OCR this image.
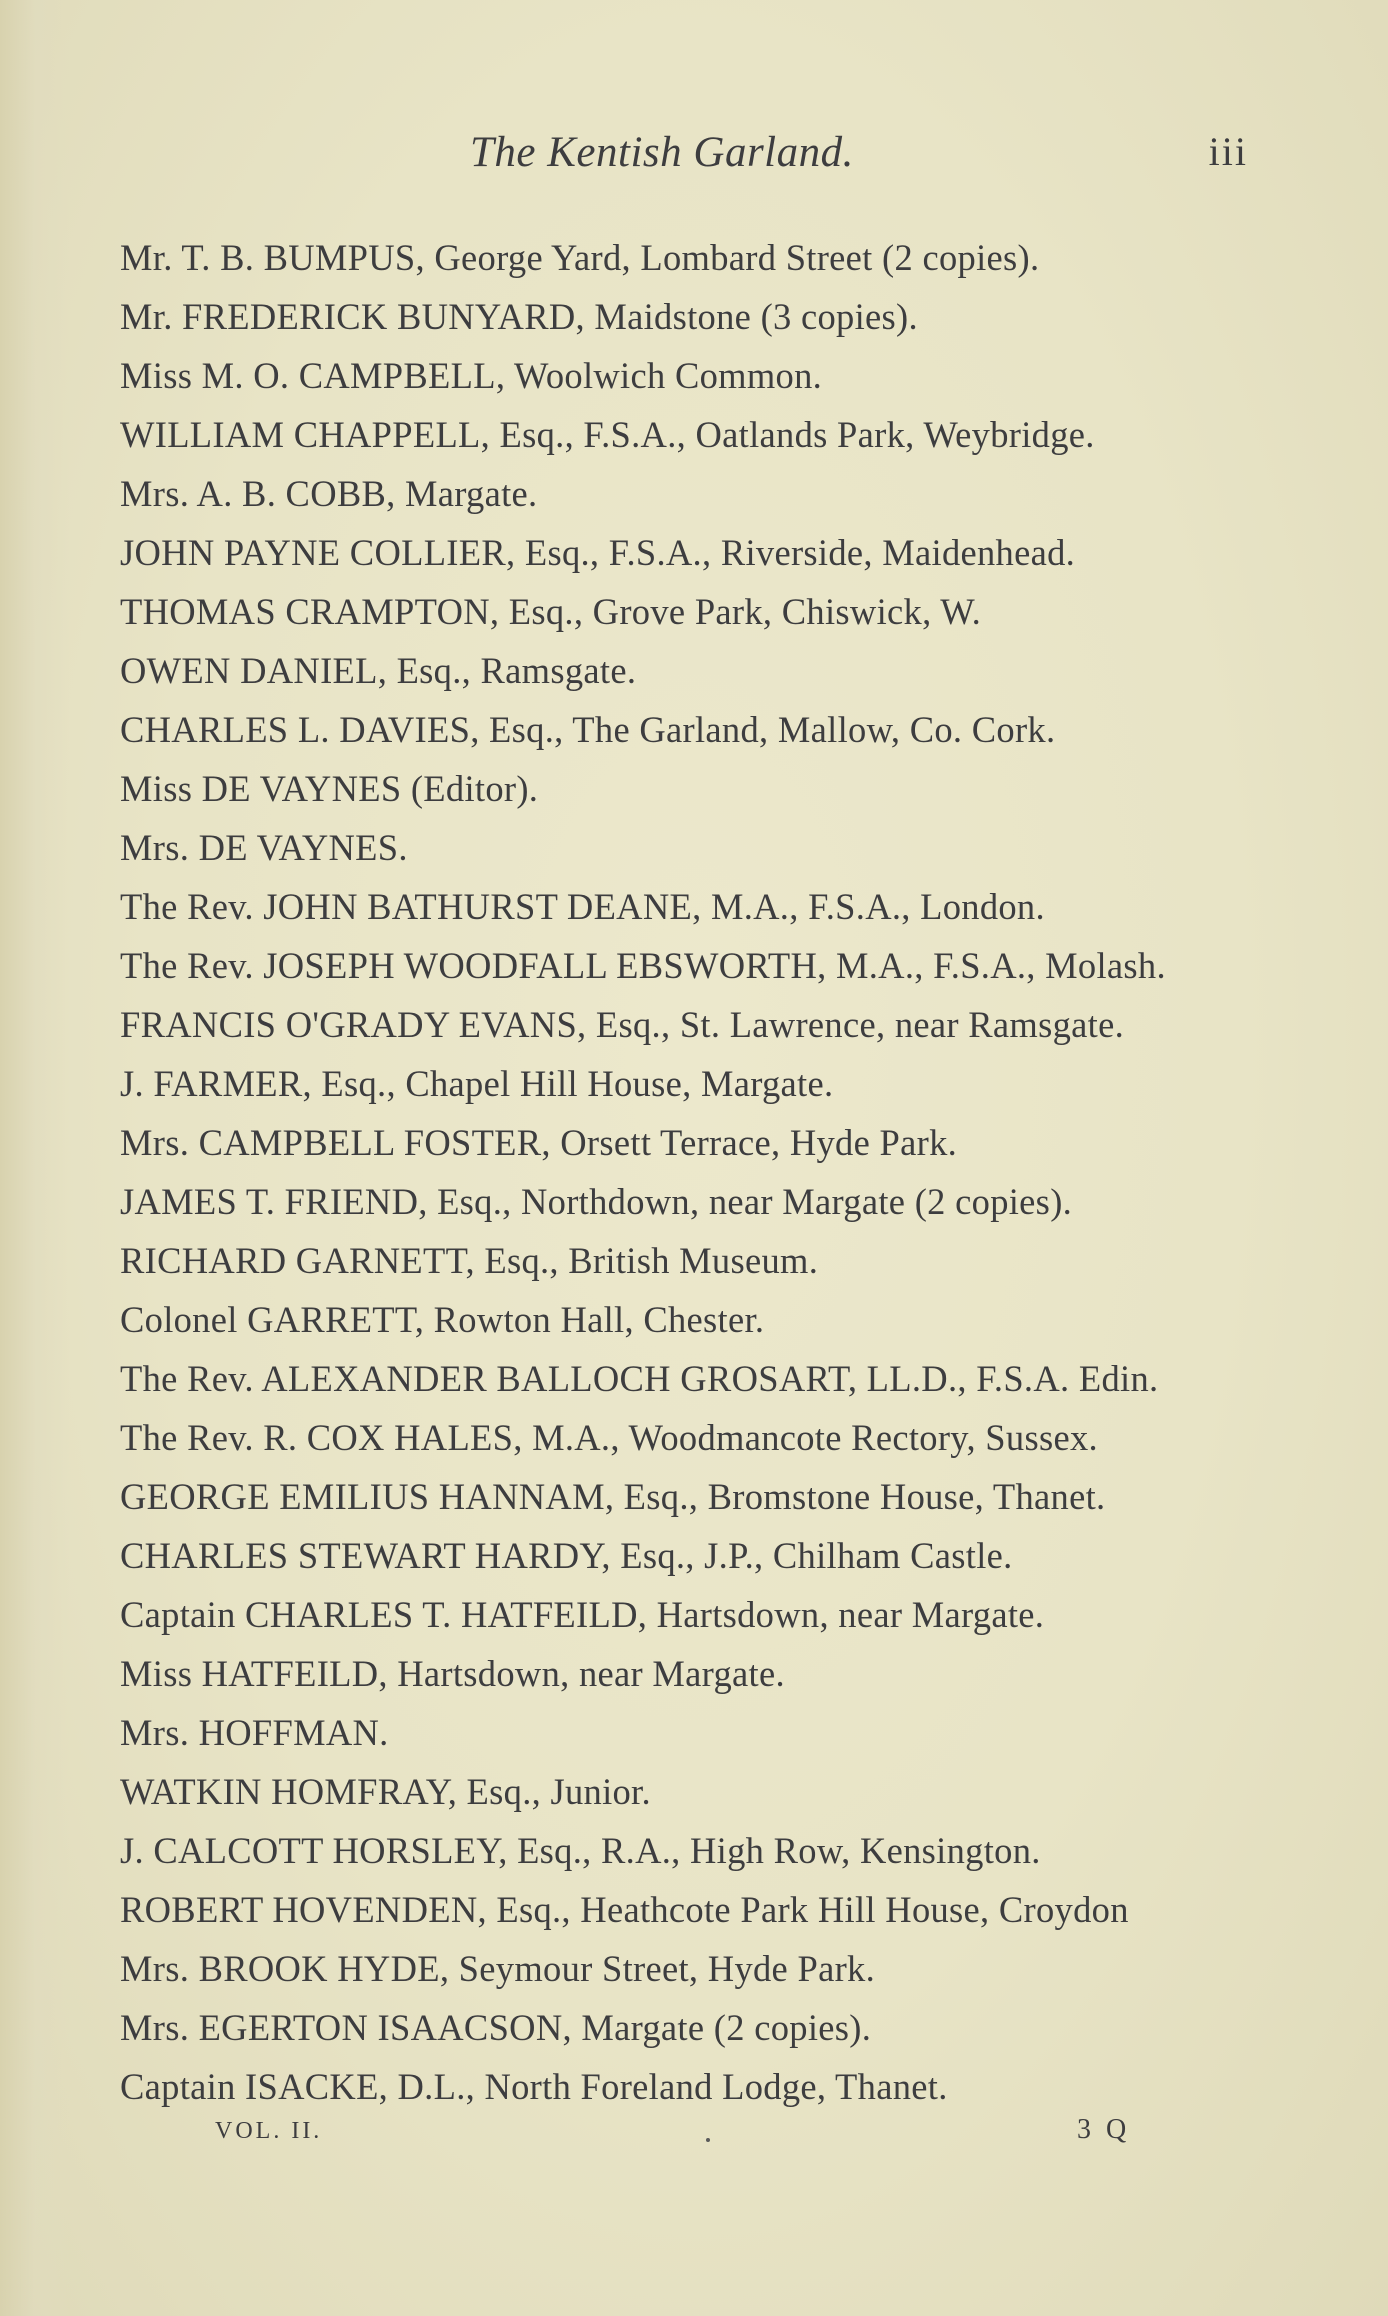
The Kentish Garland.	iii
Mr. T. B. BUMPUS, George Yard, Lombard Street (2 copies).
Mr. FREDERICK BUNYARD, Maidstone (3 copies).
Miss M. O. CAMPBELL, Woolwich Common.
WILLIAM CHAPPELL, Esq., F.S.A., Oatlands Park, Weybridge.
Mrs. A. B. COBB, Margate.
JOHN PAYNE COLLIER, Esq., F.S.A., Riverside, Maidenhead.
THOMAS CRAMPTON, Esq., Grove Park, Chiswick, W.
OWEN DANIEL, Esq., Ramsgate.
CHARLES L. DAVIES, Esq., The Garland, Mallow, Co. Cork.
Miss DE VAYNES (Editor).
Mrs. DE VAYNES.
The Rev. JOHN BATHURST DEANE, M.A., F.S.A., London.
The Rev. JOSEPH WOODFALL EBSWORTH, M.A., F.S.A., Molash.
FRANCIS O'GRADY EVANS, Esq., St. Lawrence, near Ramsgate.
J. FARMER, Esq., Chapel Hill House, Margate.
Mrs. CAMPBELL FOSTER, Orsett Terrace, Hyde Park.
JAMES T. FRIEND, Esq., Northdown, near Margate (2 copies).
RICHARD GARNETT, Esq., British Museum.
Colonel GARRETT, Rowton Hall, Chester.
The Rev. ALEXANDER BALLOCH GROSART, LL.D., F.S.A. Edin.
The Rev. R. COX HALES, M.A., Woodmancote Rectory, Sussex.
GEORGE EMILIUS HANNAM, Esq., Bromstone House, Thanet.
CHARLES STEWART HARDY, Esq., J.P., Chilham Castle.
Captain CHARLES T. HATFEILD, Hartsdown, near Margate.
Miss HATFEILD, Hartsdown, near Margate.
Mrs. HOFFMAN.
WATKIN HOMFRAY, Esq., Junior.
J. CALCOTT HORSLEY, Esq., R.A., High Row, Kensington.
ROBERT HOVENDEN, Esq., Heathcote Park Hill House, Croydon
Mrs. BROOK HYDE, Seymour Street, Hyde Park.
Mrs. EGERTON ISAACSON, Margate (2 copies).
Captain ISACKE, D.L., North Foreland Lodge, Thanet.
VOL. II.	3 Q
